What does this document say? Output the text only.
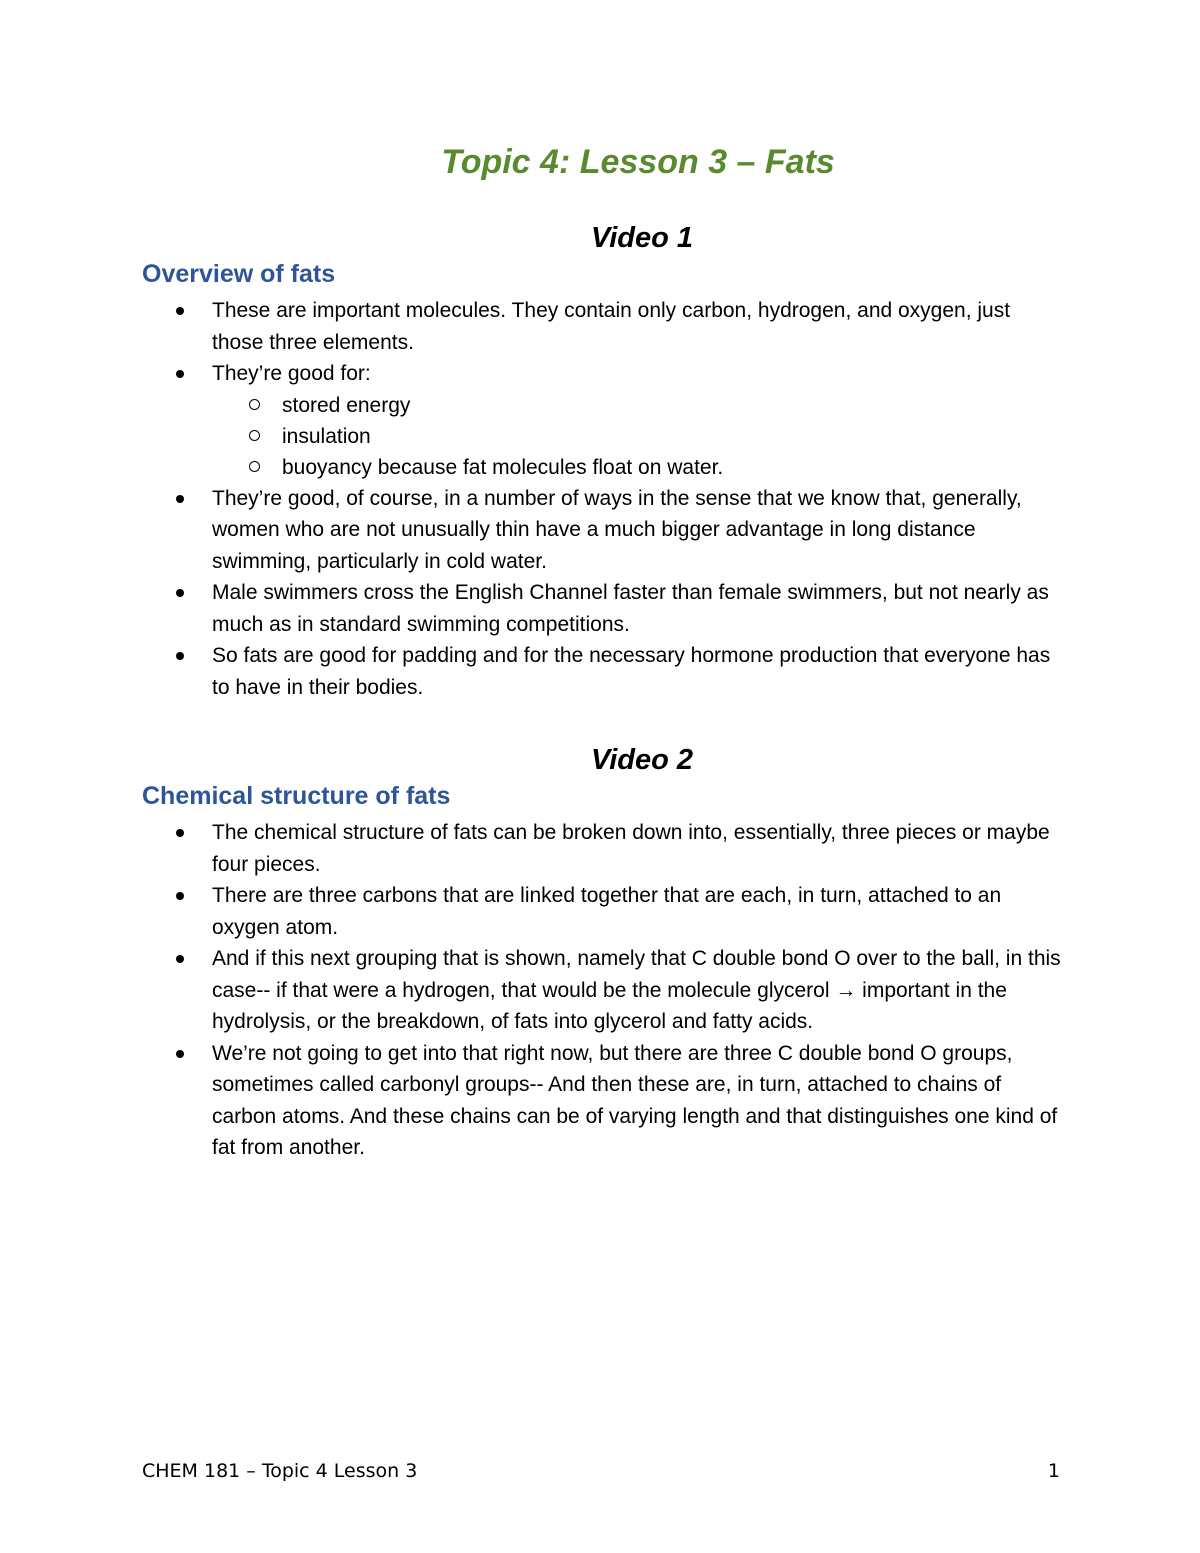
Topic 4: Lesson 3 – Fats
Video 1
Overview of fats
These are important molecules. They contain only carbon, hydrogen, and oxygen, just those three elements.
They’re good for:
stored energy
insulation
buoyancy because fat molecules float on water.
They’re good, of course, in a number of ways in the sense that we know that, generally, women who are not unusually thin have a much bigger advantage in long distance swimming, particularly in cold water.
Male swimmers cross the English Channel faster than female swimmers, but not nearly as much as in standard swimming competitions.
So fats are good for padding and for the necessary hormone production that everyone has to have in their bodies.
Video 2
Chemical structure of fats
The chemical structure of fats can be broken down into, essentially, three pieces or maybe four pieces.
There are three carbons that are linked together that are each, in turn, attached to an oxygen atom.
And if this next grouping that is shown, namely that C double bond O over to the ball, in this case-- if that were a hydrogen, that would be the molecule glycerol → important in the hydrolysis, or the breakdown, of fats into glycerol and fatty acids.
We’re not going to get into that right now, but there are three C double bond O groups, sometimes called carbonyl groups-- And then these are, in turn, attached to chains of carbon atoms. And these chains can be of varying length and that distinguishes one kind of fat from another.
CHEM 181 – Topic 4 Lesson 3	1
